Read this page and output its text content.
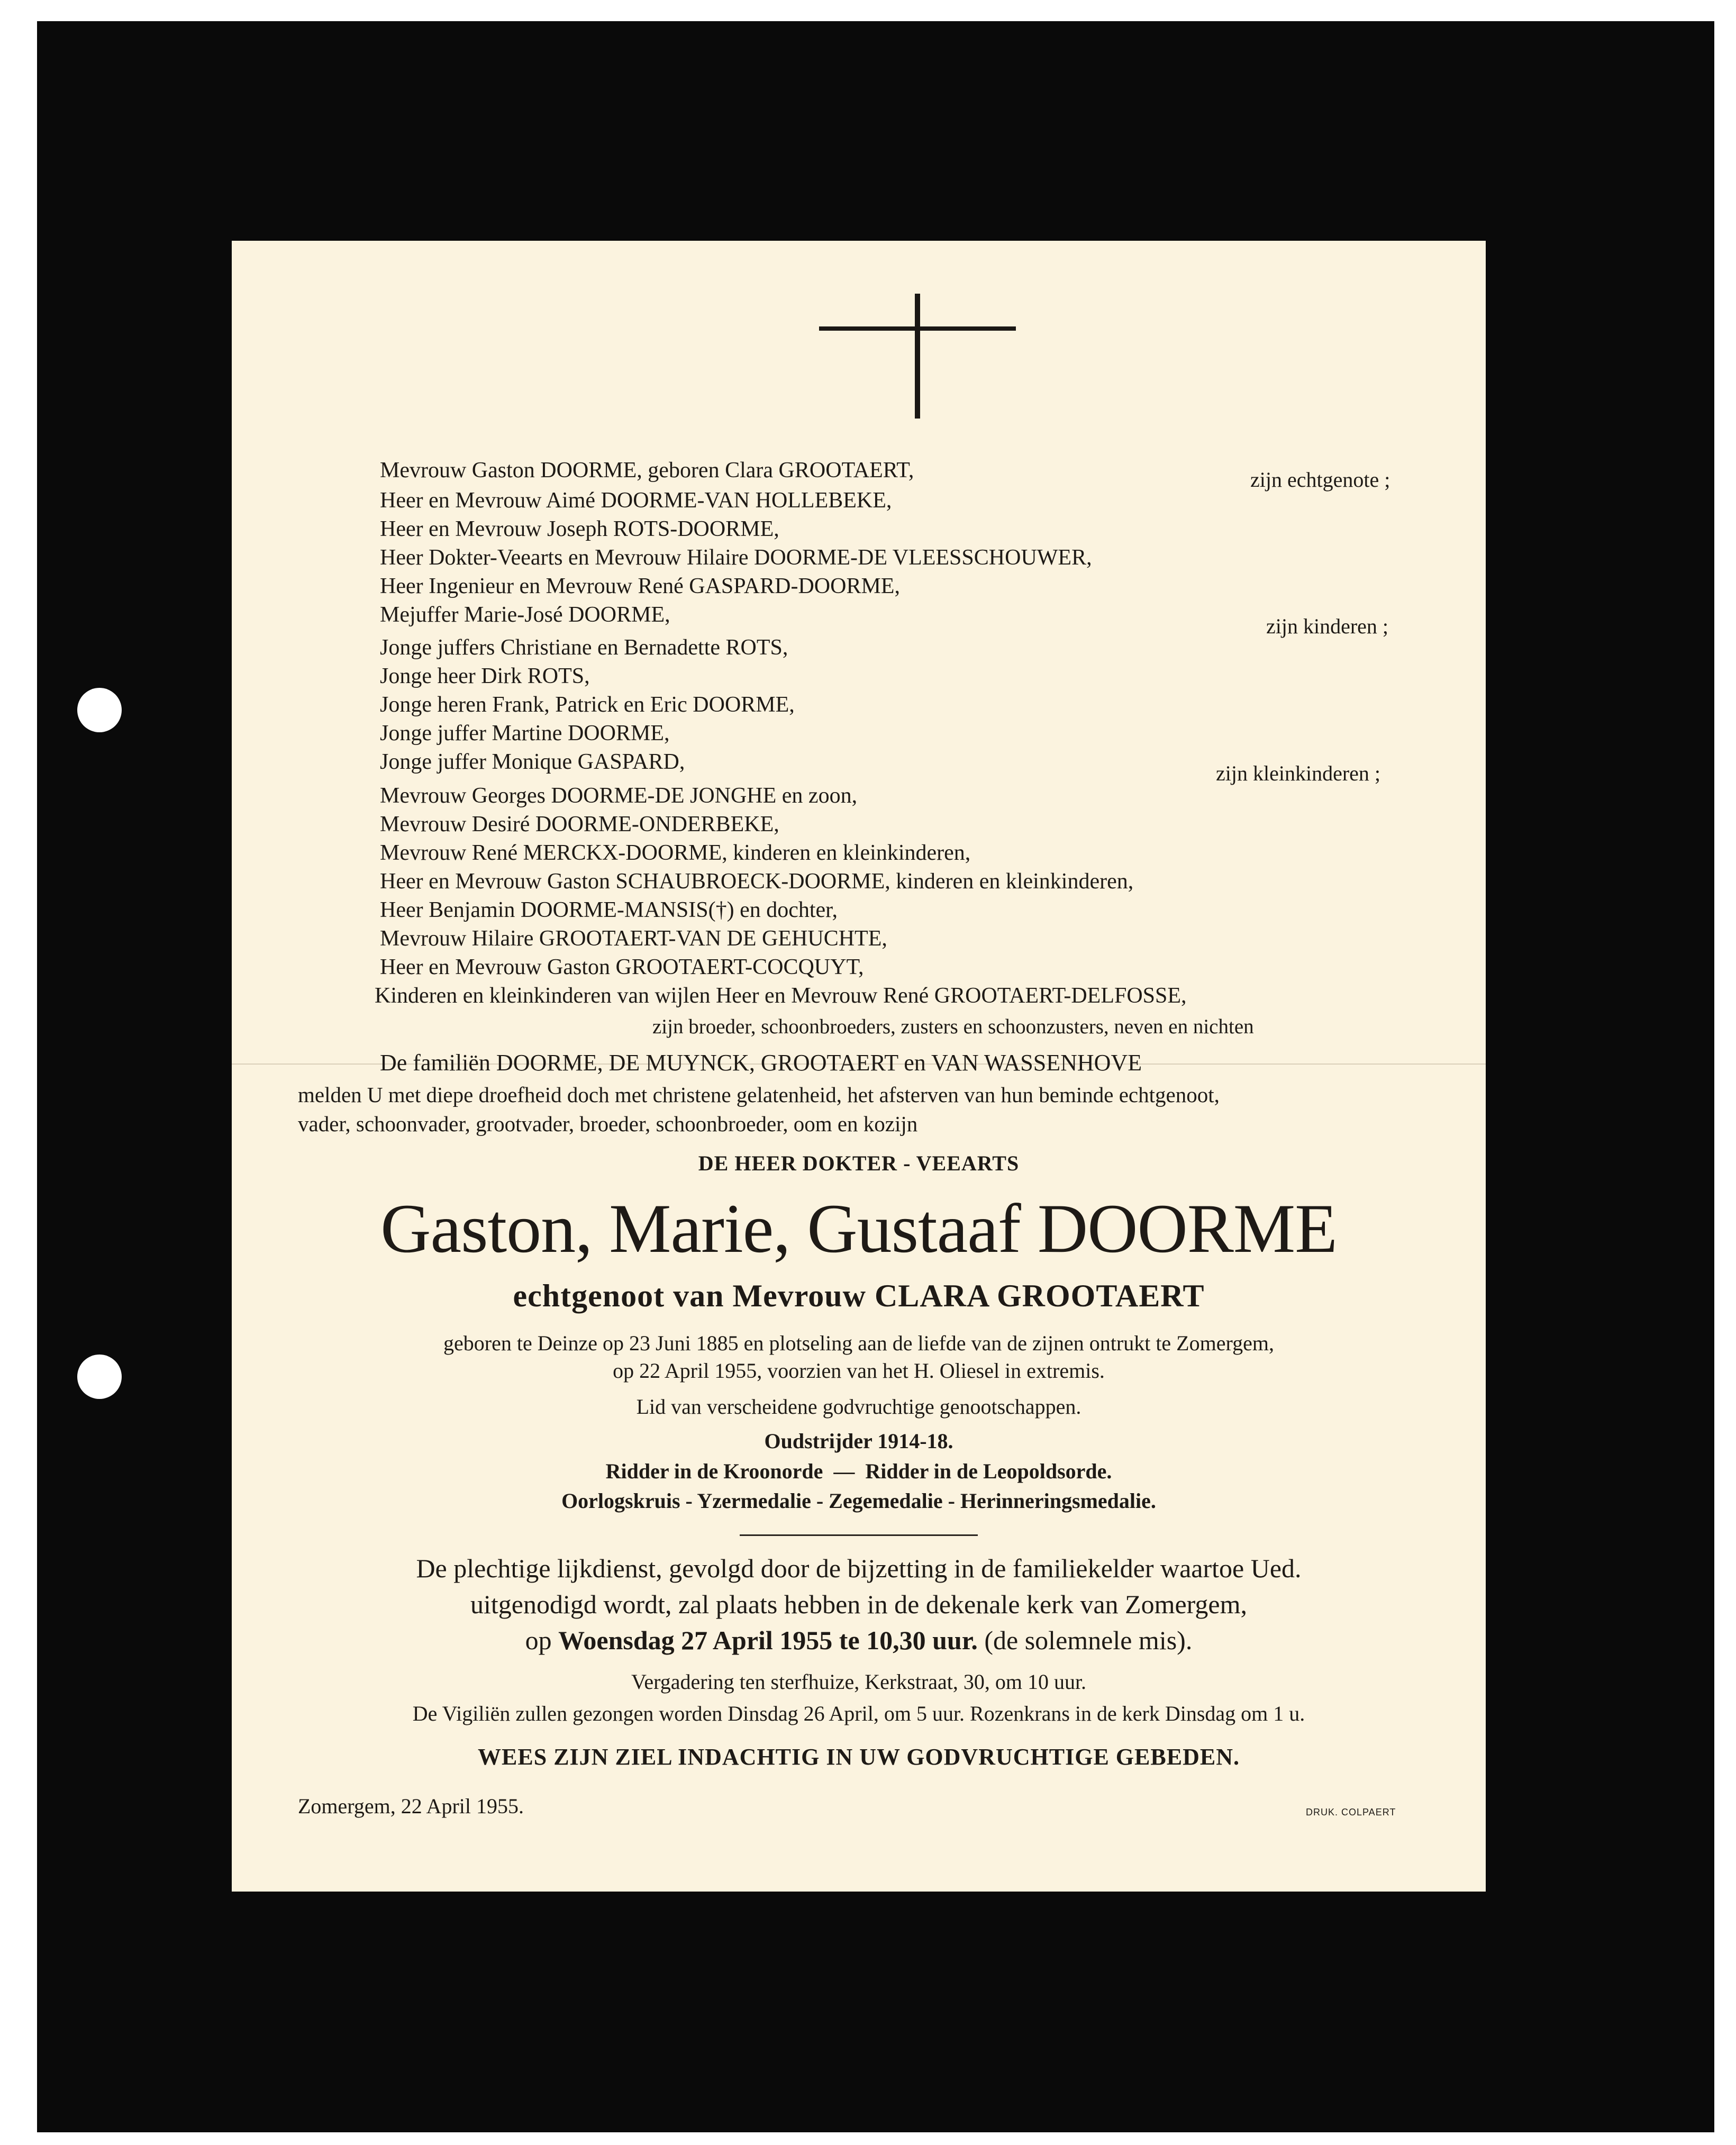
Mevrouw Gaston DOORME, geboren Clara GROOTAERT,	zijn echtgenote ;
Heer en Mevrouw Aimé DOORME-VAN HOLLEBEKE,
Heer en Mevrouw Joseph ROTS-DOORME,
Heer Dokter-Veearts en Mevrouw Hilaire DOORME-DE VLEESSCHOUWER,
Heer Ingenieur en Mevrouw René GASPARD-DOORME,
Mejuffer Marie-José DOORME,	zijn kinderen ;
Jonge juffers Christiane en Bernadette ROTS,
Jonge heer Dirk ROTS,
Jonge heren Frank, Patrick en Eric DOORME,
Jonge juffer Martine DOORME,
Jonge juffer Monique GASPARD,	zijn kleinkinderen ;
Mevrouw Georges DOORME-DE JONGHE en zoon,
Mevrouw Desiré DOORME-ONDERBEKE,
Mevrouw René MERCKX-DOORME, kinderen en kleinkinderen,
Heer en Mevrouw Gaston SCHAUBROECK-DOORME, kinderen en kleinkinderen,
Heer Benjamin DOORME-MANSIS(†) en dochter,
Mevrouw Hilaire GROOTAERT-VAN DE GEHUCHTE,
Heer en Mevrouw Gaston GROOTAERT-COCQUYT,
Kinderen en kleinkinderen van wijlen Heer en Mevrouw René GROOTAERT-DELFOSSE,
zijn broeder, schoonbroeders, zusters en schoonzusters, neven en nichten
De familiën DOORME, DE MUYNCK, GROOTAERT en VAN WASSENHOVE
melden U met diepe droefheid doch met christene gelatenheid, het afsterven van hun beminde echtgenoot,
vader, schoonvader, grootvader, broeder, schoonbroeder, oom en kozijn
DE HEER DOKTER - VEEARTS
Gaston, Marie, Gustaaf DOORME
echtgenoot van Mevrouw CLARA GROOTAERT
geboren te Deinze op 23 Juni 1885 en plotseling aan de liefde van de zijnen ontrukt te Zomergem,
op 22 April 1955, voorzien van het H. Oliesel in extremis.
Lid van verscheidene godvruchtige genootschappen.
Oudstrijder 1914-18.
Ridder in de Kroonorde  —  Ridder in de Leopoldsorde.
Oorlogskruis - Yzermedalie - Zegemedalie - Herinneringsmedalie.
De plechtige lijkdienst, gevolgd door de bijzetting in de familiekelder waartoe Ued.
uitgenodigd wordt, zal plaats hebben in de dekenale kerk van Zomergem,
op Woensdag 27 April 1955 te 10,30 uur. (de solemnele mis).
Vergadering ten sterfhuize, Kerkstraat, 30, om 10 uur.
De Vigiliën zullen gezongen worden Dinsdag 26 April, om 5 uur. Rozenkrans in de kerk Dinsdag om 1 u.
WEES ZIJN ZIEL INDACHTIG IN UW GODVRUCHTIGE GEBEDEN.
Zomergem, 22 April 1955.	DRUK. COLPAERT
